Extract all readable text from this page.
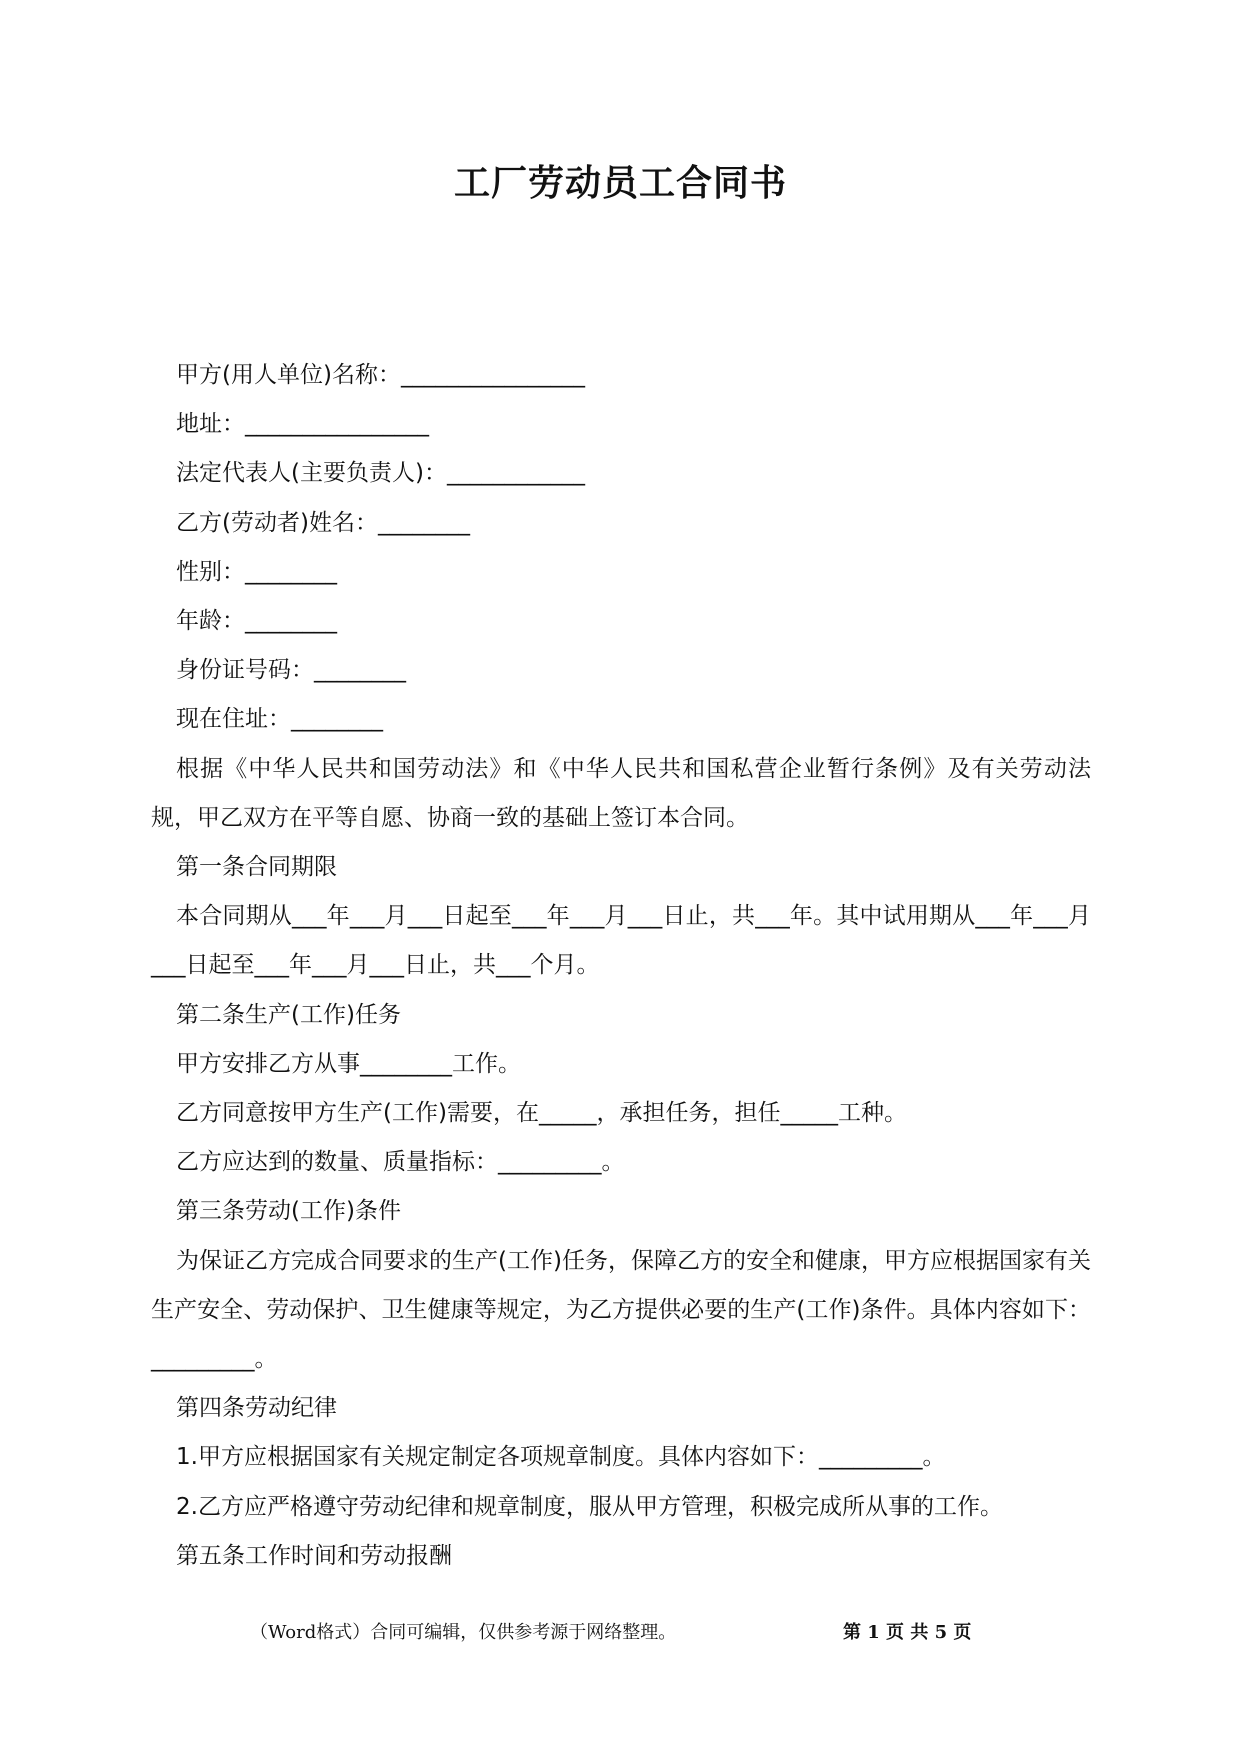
工厂劳动员工合同书

甲方(用人单位)名称：________________

地址：________________

法定代表人(主要负责人)：____________

乙方(劳动者)姓名：________

性别：________

年龄：________

身份证号码：________

现在住址：________

根据《中华人民共和国劳动法》和《中华人民共和国私营企业暂行条例》及有关劳动法规，甲乙双方在平等自愿、协商一致的基础上签订本合同。

第一条合同期限

本合同期从___年___月___日起至___年___月___日止，共___年。其中试用期从___年___月___日起至___年___月___日止，共___个月。

第二条生产(工作)任务

甲方安排乙方从事________工作。

乙方同意按甲方生产(工作)需要，在_____，承担任务，担任_____工种。

乙方应达到的数量、质量指标：_________。

第三条劳动(工作)条件

为保证乙方完成合同要求的生产(工作)任务，保障乙方的安全和健康，甲方应根据国家有关生产安全、劳动保护、卫生健康等规定，为乙方提供必要的生产(工作)条件。具体内容如下：_________。

第四条劳动纪律

1.甲方应根据国家有关规定制定各项规章制度。具体内容如下：_________。

2.乙方应严格遵守劳动纪律和规章制度，服从甲方管理，积极完成所从事的工作。

第五条工作时间和劳动报酬

（Word格式）合同可编辑，仅供参考源于网络整理。	第 1 页 共 5 页
